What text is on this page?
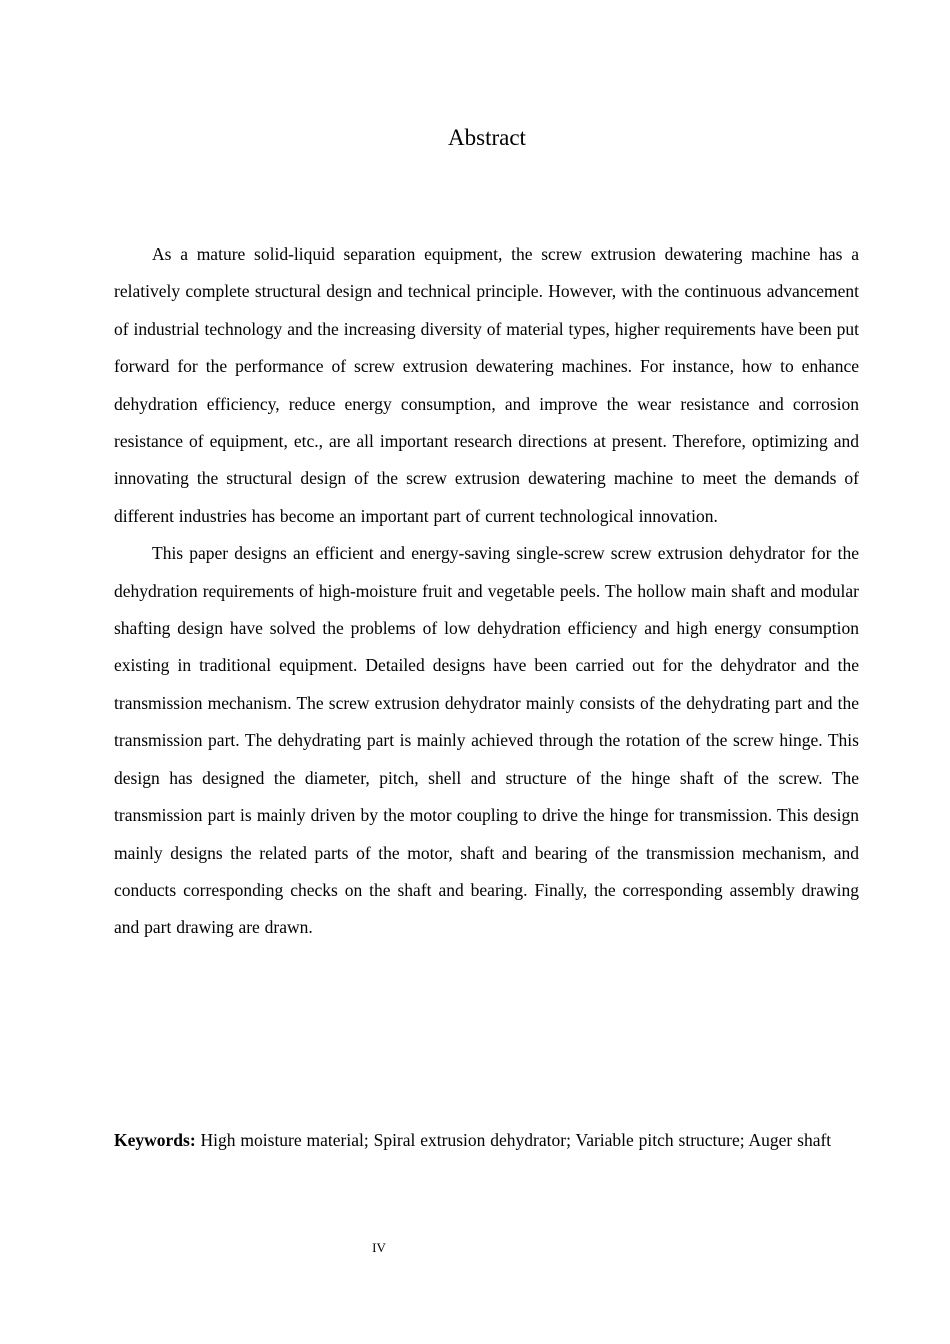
Abstract

As a mature solid-liquid separation equipment, the screw extrusion dewatering machine has a relatively complete structural design and technical principle. However, with the continuous advancement of industrial technology and the increasing diversity of material types, higher requirements have been put forward for the performance of screw extrusion dewatering machines. For instance, how to enhance dehydration efficiency, reduce energy consumption, and improve the wear resistance and corrosion resistance of equipment, etc., are all important research directions at present. Therefore, optimizing and innovating the structural design of the screw extrusion dewatering machine to meet the demands of different industries has become an important part of current technological innovation.

This paper designs an efficient and energy-saving single-screw screw extrusion dehydrator for the dehydration requirements of high-moisture fruit and vegetable peels. The hollow main shaft and modular shafting design have solved the problems of low dehydration efficiency and high energy consumption existing in traditional equipment. Detailed designs have been carried out for the dehydrator and the transmission mechanism. The screw extrusion dehydrator mainly consists of the dehydrating part and the transmission part. The dehydrating part is mainly achieved through the rotation of the screw hinge. This design has designed the diameter, pitch, shell and structure of the hinge shaft of the screw. The transmission part is mainly driven by the motor coupling to drive the hinge for transmission. This design mainly designs the related parts of the motor, shaft and bearing of the transmission mechanism, and conducts corresponding checks on the shaft and bearing. Finally, the corresponding assembly drawing and part drawing are drawn.

Keywords: High moisture material; Spiral extrusion dehydrator; Variable pitch structure; Auger shaft

IV
